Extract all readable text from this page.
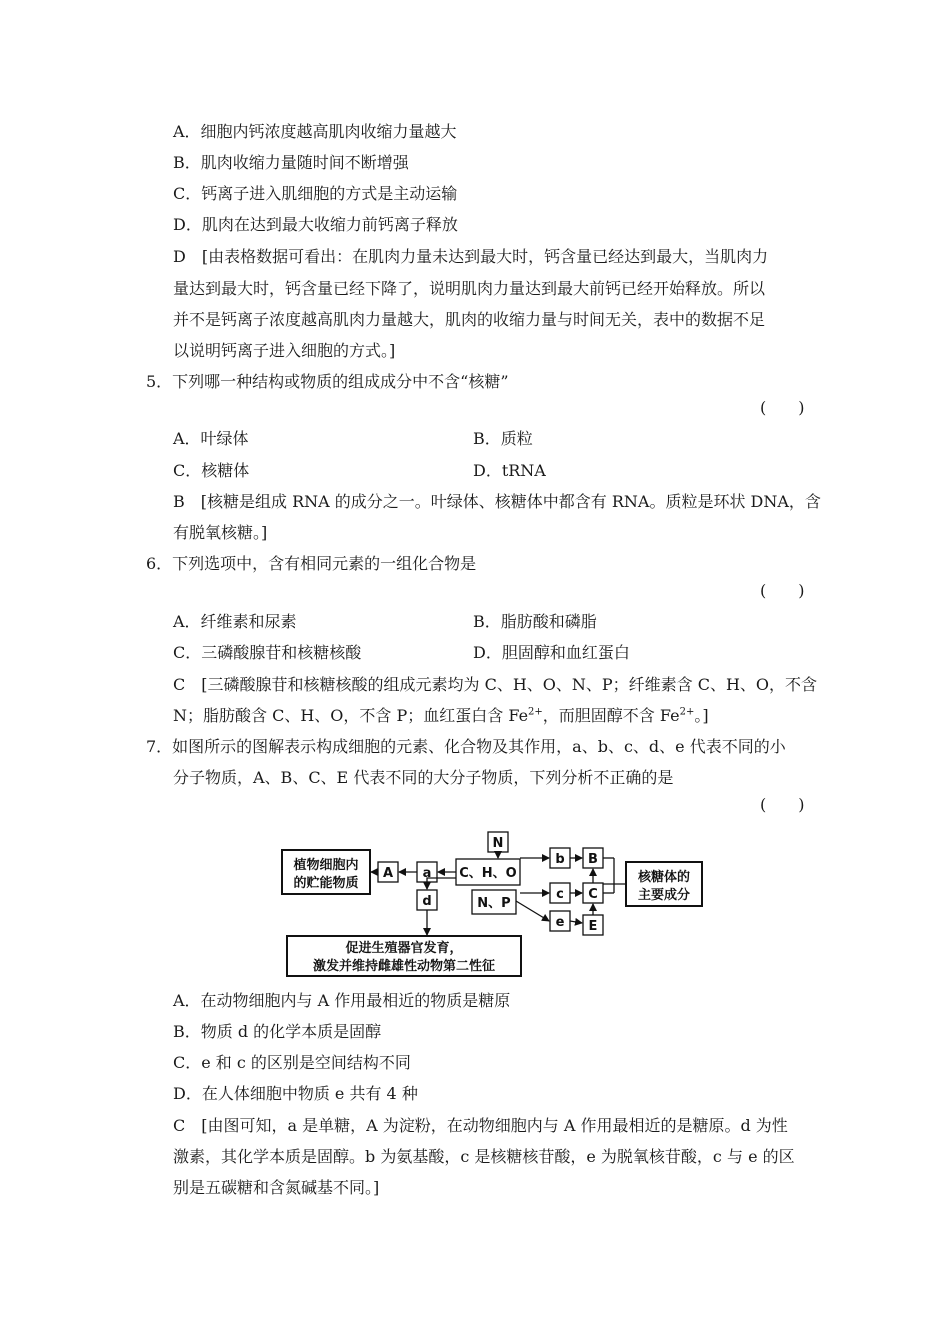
A．细胞内钙浓度越高肌肉收缩力量越大
B．肌肉收缩力量随时间不断增强
C．钙离子进入肌细胞的方式是主动运输
D．肌肉在达到最大收缩力前钙离子释放
D　[由表格数据可看出：在肌肉力量未达到最大时，钙含量已经达到最大，当肌肉力
量达到最大时，钙含量已经下降了，说明肌肉力量达到最大前钙已经开始释放。所以
并不是钙离子浓度越高肌肉力量越大，肌肉的收缩力量与时间无关，表中的数据不足
以说明钙离子进入细胞的方式。]
5．下列哪一种结构或物质的组成成分中不含“核糖”
(　　)
A．叶绿体	B．质粒
C．核糖体	D．tRNA
B　[核糖是组成 RNA 的成分之一。叶绿体、核糖体中都含有 RNA。质粒是环状 DNA，含
有脱氧核糖。]
6．下列选项中，含有相同元素的一组化合物是
(　　)
A．纤维素和尿素	B．脂肪酸和磷脂
C．三磷酸腺苷和核糖核酸	D．胆固醇和血红蛋白
C　[三磷酸腺苷和核糖核酸的组成元素均为 C、H、O、N、P；纤维素含 C、H、O，不含
N；脂肪酸含 C、H、O，不含 P；血红蛋白含 $Fe^{2+}$，而胆固醇不含 $Fe^{2+}$。]
7．如图所示的图解表示构成细胞的元素、化合物及其作用，a、b、c、d、e 代表不同的小
分子物质，A、B、C、E 代表不同的大分子物质，下列分析不正确的是
(　　)
植物细胞内
的贮能物质
A a C、H、O
N
N、P
d
b
c
e
B
C
E
核糖体的
主要成分
促进生殖器官发育，
激发并维持雌雄性动物第二性征
A．在动物细胞内与 A 作用最相近的物质是糖原
B．物质 d 的化学本质是固醇
C．e 和 c 的区别是空间结构不同
D．在人体细胞中物质 e 共有 4 种
C　[由图可知，a 是单糖，A 为淀粉，在动物细胞内与 A 作用最相近的是糖原。d 为性
激素，其化学本质是固醇。b 为氨基酸，c 是核糖核苷酸，e 为脱氧核苷酸，c 与 e 的区
别是五碳糖和含氮碱基不同。]
